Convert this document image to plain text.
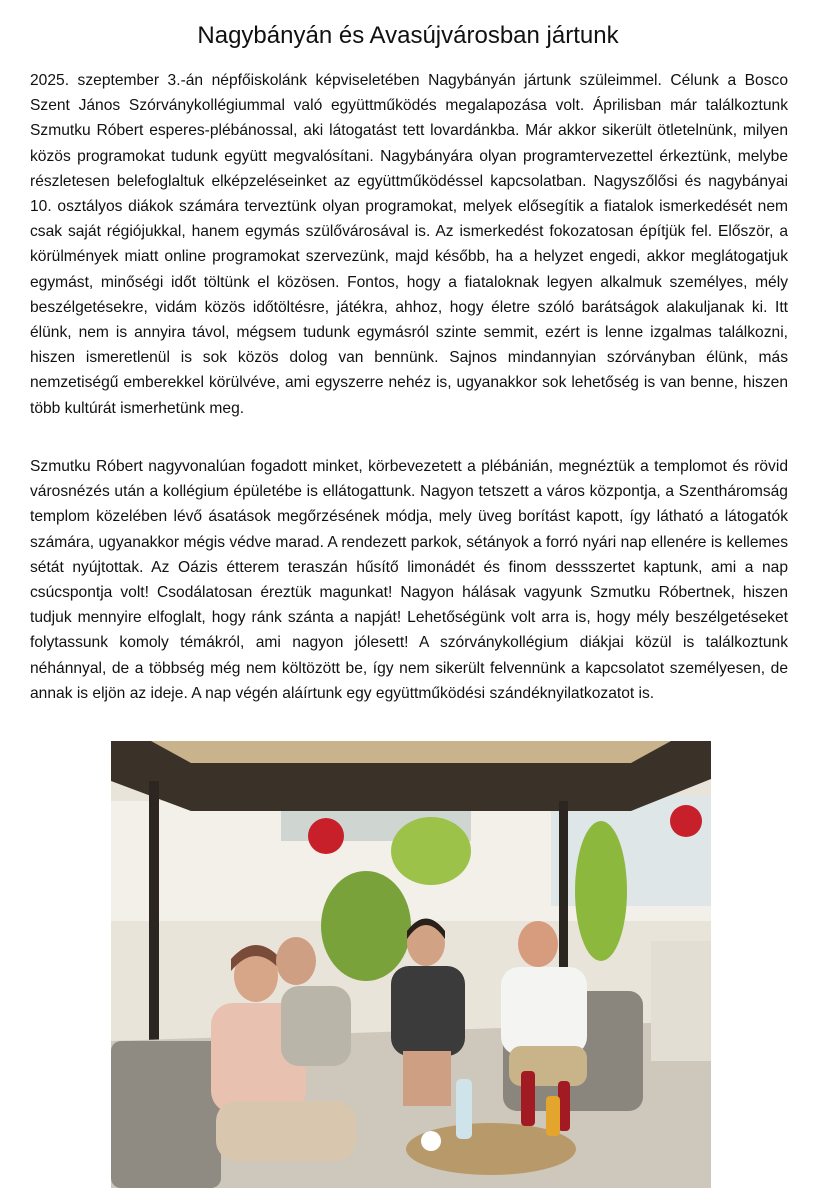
Nagybányán és Avasújvárosban jártunk

2025. szeptember 3.-án népfőiskolánk képviseletében Nagybányán jártunk szüleimmel. Célunk a Bosco Szent János Szórványkollégiummal való együttműködés megalapozása volt. Áprilisban már találkoztunk Szmutku Róbert esperes-plébánossal, aki látogatást tett lovardánkba. Már akkor sikerült ötletelnünk, milyen közös programokat tudunk együtt megvalósítani. Nagybányára olyan programtervezettel érkeztünk, melybe részletesen belefoglaltuk elképzeléseinket az együttműködéssel kapcsolatban. Nagyszőlősi és nagybányai 10. osztályos diákok számára terveztünk olyan programokat, melyek elősegítik a fiatalok ismerkedését nem csak saját régiójukkal, hanem egymás szülővárosával is. Az ismerkedést fokozatosan építjük fel. Először, a körülmények miatt online programokat szervezünk, majd később, ha a helyzet engedi, akkor meglátogatjuk egymást, minőségi időt töltünk el közösen. Fontos, hogy a fiataloknak legyen alkalmuk személyes, mély beszélgetésekre, vidám közös időtöltésre, játékra, ahhoz, hogy életre szóló barátságok alakuljanak ki. Itt élünk, nem is annyira távol, mégsem tudunk egymásról szinte semmit, ezért is lenne izgalmas találkozni, hiszen ismeretlenül is sok közös dolog van bennünk. Sajnos mindannyian szórványban élünk, más nemzetiségű emberekkel körülvéve, ami egyszerre nehéz is, ugyanakkor sok lehetőség is van benne, hiszen több kultúrát ismerhetünk meg.

Szmutku Róbert nagyvonalúan fogadott minket, körbevezetett a plébánián, megnéztük a templomot és rövid városnézés után a kollégium épületébe is ellátogattunk. Nagyon tetszett a város központja, a Szentháromság templom közelében lévő ásatások megőrzésének módja, mely üveg borítást kapott, így látható a látogatók számára, ugyanakkor mégis védve marad. A rendezett parkok, sétányok a forró nyári nap ellenére is kellemes sétát nyújtottak. Az Oázis étterem teraszán hűsítő limonádét és finom dessszertet kaptunk, ami a nap csúcspontja volt! Csodálatosan éreztük magunkat! Nagyon hálásak vagyunk Szmutku Róbertnek, hiszen tudjuk mennyire elfoglalt, hogy ránk szánta a napját! Lehetőségünk volt arra is, hogy mély beszélgetéseket folytassunk komoly témákról, ami nagyon jólesett! A szórványkollégium diákjai közül is találkoztunk néhánnyal, de a többség még nem költözött be, így nem sikerült felvennünk a kapcsolatot személyesen, de annak is eljön az ideje. A nap végén aláírtunk egy együttműködési szándéknyilatkozatot is.
